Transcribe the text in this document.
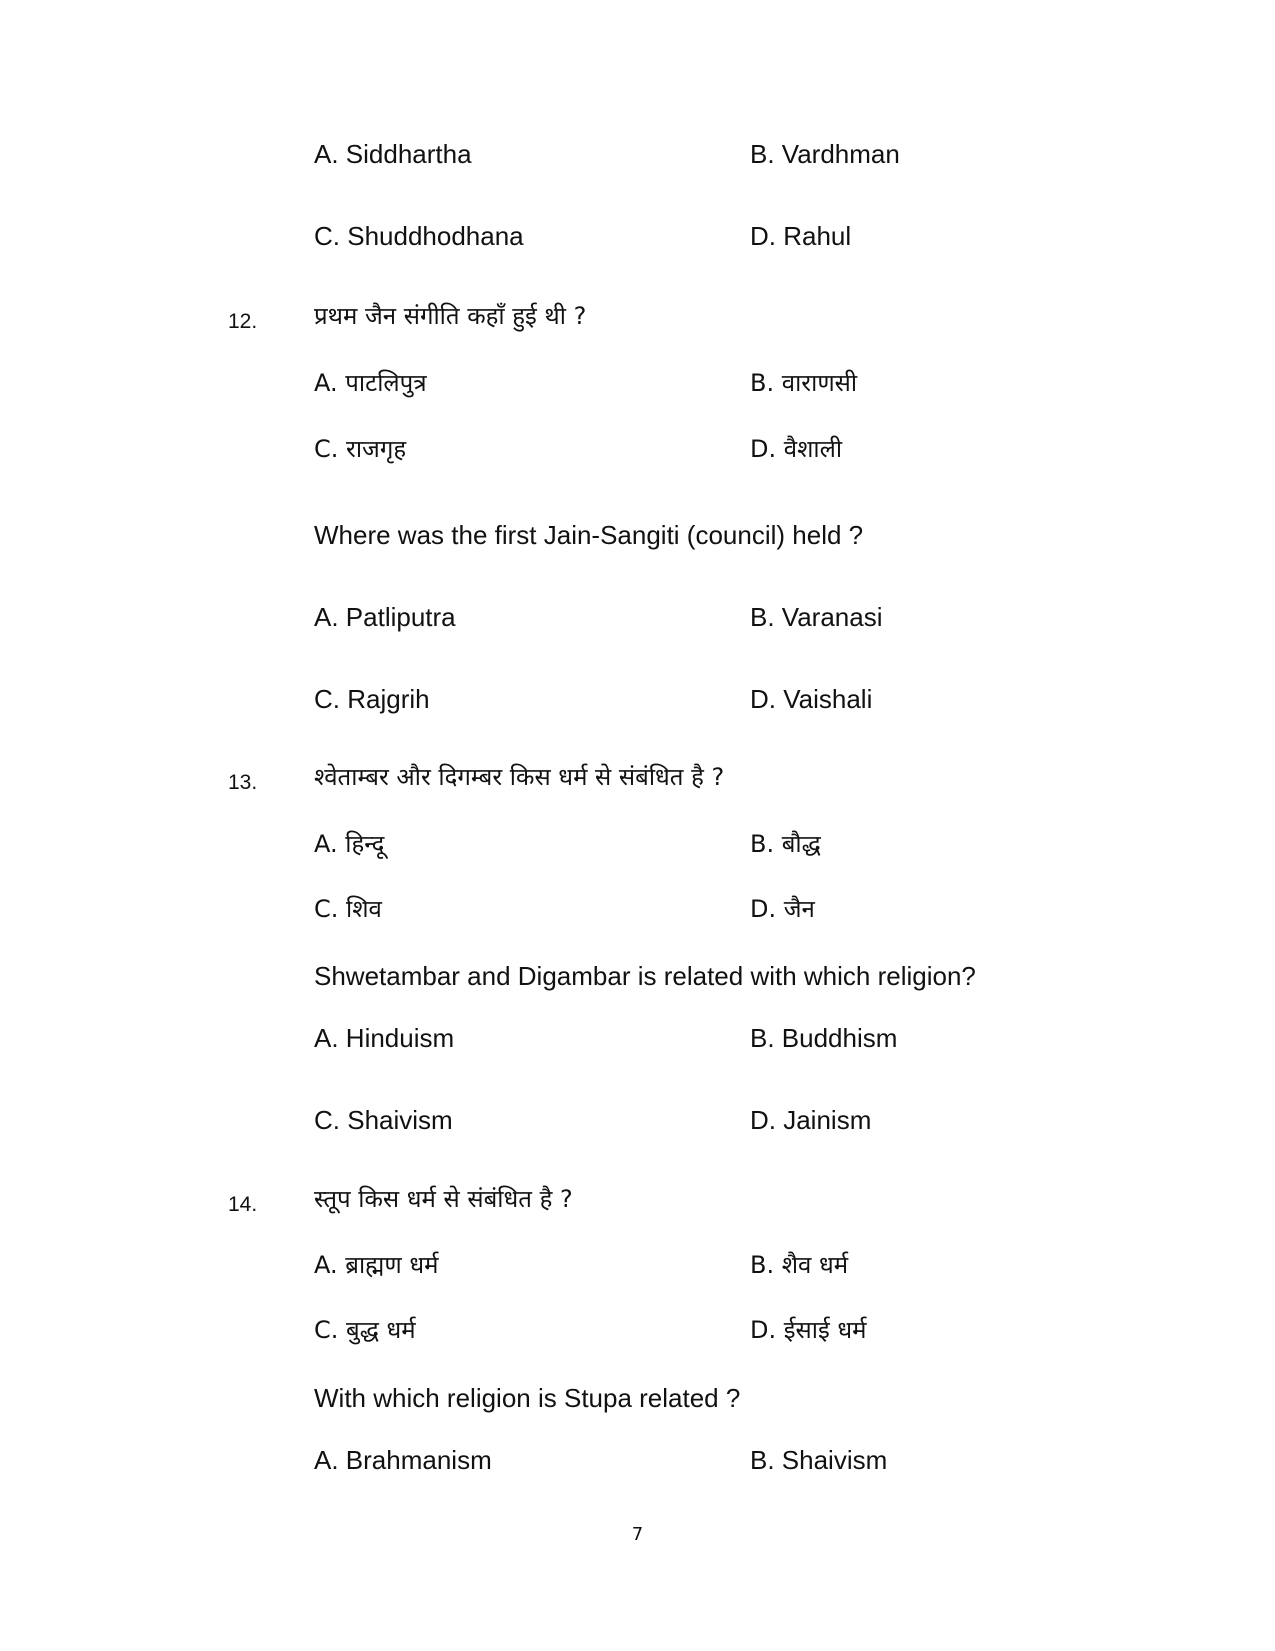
A. Siddhartha	B. Vardhman
C. Shuddhodhana	D. Rahul
12. प्रथम जैन संगीति कहाँ हुई थी ?
A. पाटलिपुत्र	B. वाराणसी
C. राजगृह	D. वैशाली
Where was the first Jain-Sangiti (council) held ?
A. Patliputra	B. Varanasi
C. Rajgrih	D. Vaishali
13. श्वेताम्बर और दिगम्बर किस धर्म से संबंधित है ?
A. हिन्दू	B. बौद्ध
C. शिव	D. जैन
Shwetambar and Digambar is related with which religion?
A. Hinduism	B. Buddhism
C. Shaivism	D. Jainism
14. स्तूप किस धर्म से संबंधित है ?
A. ब्राह्मण धर्म	B. शैव धर्म
C. बुद्ध धर्म	D. ईसाई धर्म
With which religion is Stupa related ?
A. Brahmanism	B. Shaivism
7
